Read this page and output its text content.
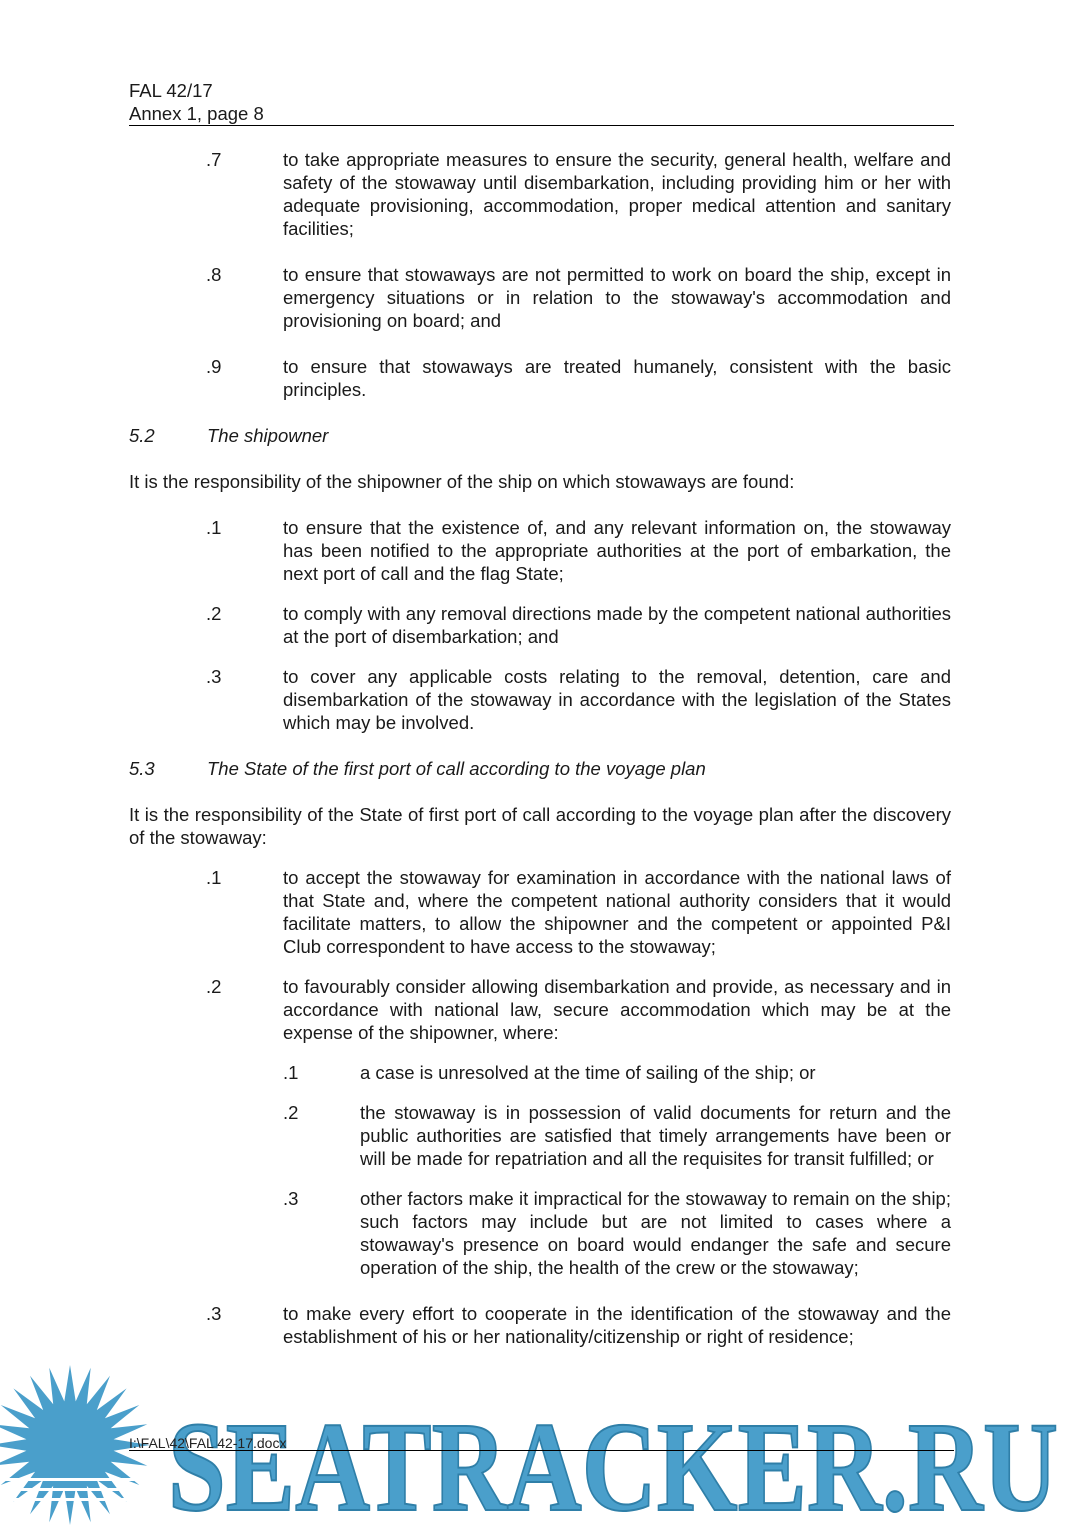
FAL 42/17

Annex 1, page 8

.7	to take appropriate measures to ensure the security, general health, welfare and safety of the stowaway until disembarkation, including providing him or her with adequate provisioning, accommodation, proper medical attention and sanitary facilities;

.8	to ensure that stowaways are not permitted to work on board the ship, except in emergency situations or in relation to the stowaway's accommodation and provisioning on board; and

.9	to ensure that stowaways are treated humanely, consistent with the basic principles.

5.2	The shipowner

It is the responsibility of the shipowner of the ship on which stowaways are found:

.1	to ensure that the existence of, and any relevant information on, the stowaway has been notified to the appropriate authorities at the port of embarkation, the next port of call and the flag State;

.2	to comply with any removal directions made by the competent national authorities at the port of disembarkation; and

.3	to cover any applicable costs relating to the removal, detention, care and disembarkation of the stowaway in accordance with the legislation of the States which may be involved.

5.3	The State of the first port of call according to the voyage plan

It is the responsibility of the State of first port of call according to the voyage plan after the discovery of the stowaway:

.1	to accept the stowaway for examination in accordance with the national laws of that State and, where the competent national authority considers that it would facilitate matters, to allow the shipowner and the competent or appointed P&I Club correspondent to have access to the stowaway;

.2	to favourably consider allowing disembarkation and provide, as necessary and in accordance with national law, secure accommodation which may be at the expense of the shipowner, where:

.1	a case is unresolved at the time of sailing of the ship; or

.2	the stowaway is in possession of valid documents for return and the public authorities are satisfied that timely arrangements have been or will be made for repatriation and all the requisites for transit fulfilled; or

.3	other factors make it impractical for the stowaway to remain on the ship; such factors may include but are not limited to cases where a stowaway's presence on board would endanger the safe and secure operation of the ship, the health of the crew or the stowaway;

.3	to make every effort to cooperate in the identification of the stowaway and the establishment of his or her nationality/citizenship or right of residence;

SEATRACKER.RU
I:\FAL\42\FAL 42-17.docx
